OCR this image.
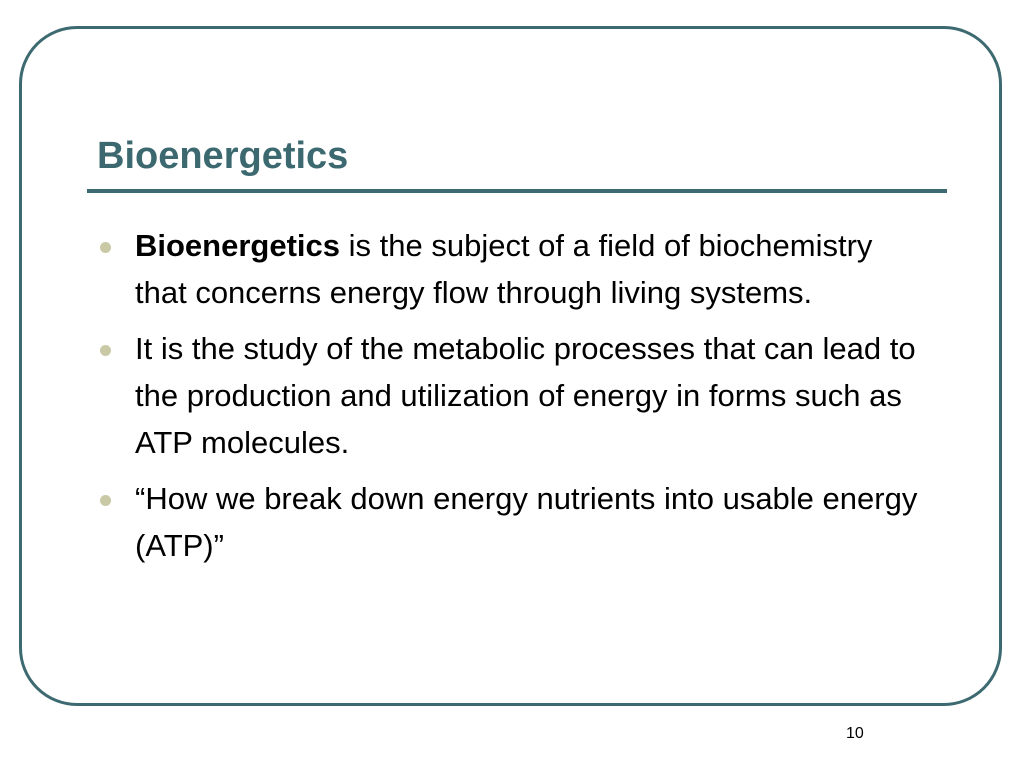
Bioenergetics
Bioenergetics is the subject of a field of biochemistry that concerns energy flow through living systems.
It is the study of the metabolic processes that can lead to the production and utilization of energy in forms such as ATP molecules.
“How we break down energy nutrients into usable energy (ATP)”
10
